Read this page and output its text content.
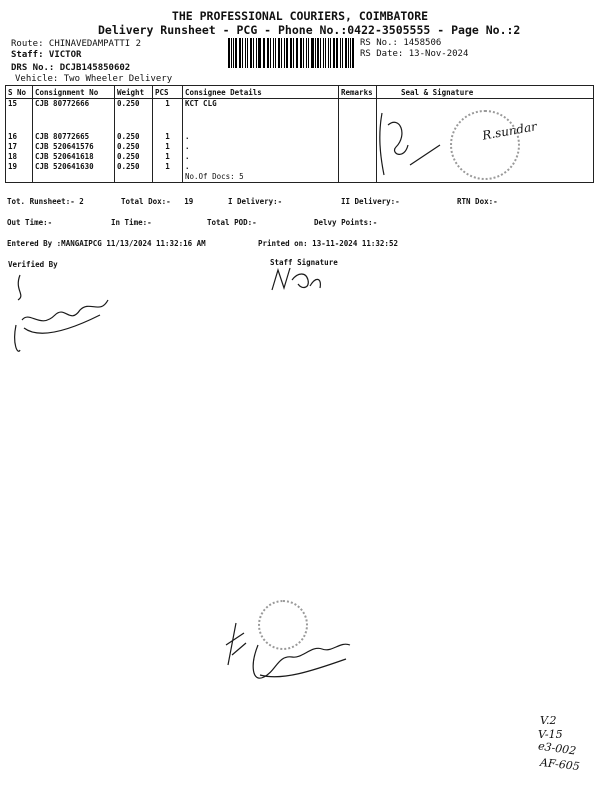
THE PROFESSIONAL COURIERS, COIMBATORE
Delivery Runsheet - PCG - Phone No.:0422-3505555 - Page No.:2
Route: CHINAVEDAMPATTI 2
Staff: VICTOR
DRS No.: DCJB145850602
Vehicle: Two Wheeler Delivery
RS No.: 1458506
RS Date: 13-Nov-2024
S No	Consignment No	Weight	PCS	Consignee Details	Remarks	Seal & Signature
15	CJB 80772666	0.250	1	KCT CLG		

16	CJB 80772665	0.250	1	.		
17	CJB 520641576	0.250	1	.		
18	CJB 520641618	0.250	1	.		
19	CJB 520641630	0.250	1	.		
				No.Of Docs: 5		
Tot. Runsheet:- 2	Total Dox:-   19	I Delivery:-	II Delivery:-	RTN Dox:-
Out Time:-	In Time:-	Total POD:-	Delvy Points:-
Entered By :MANGAIPCG 11/13/2024 11:32:16 AM	Printed on: 13-11-2024 11:32:52
Verified By	Staff Signature
R.sundar
V.2
V-15
e3-002
AF-605
